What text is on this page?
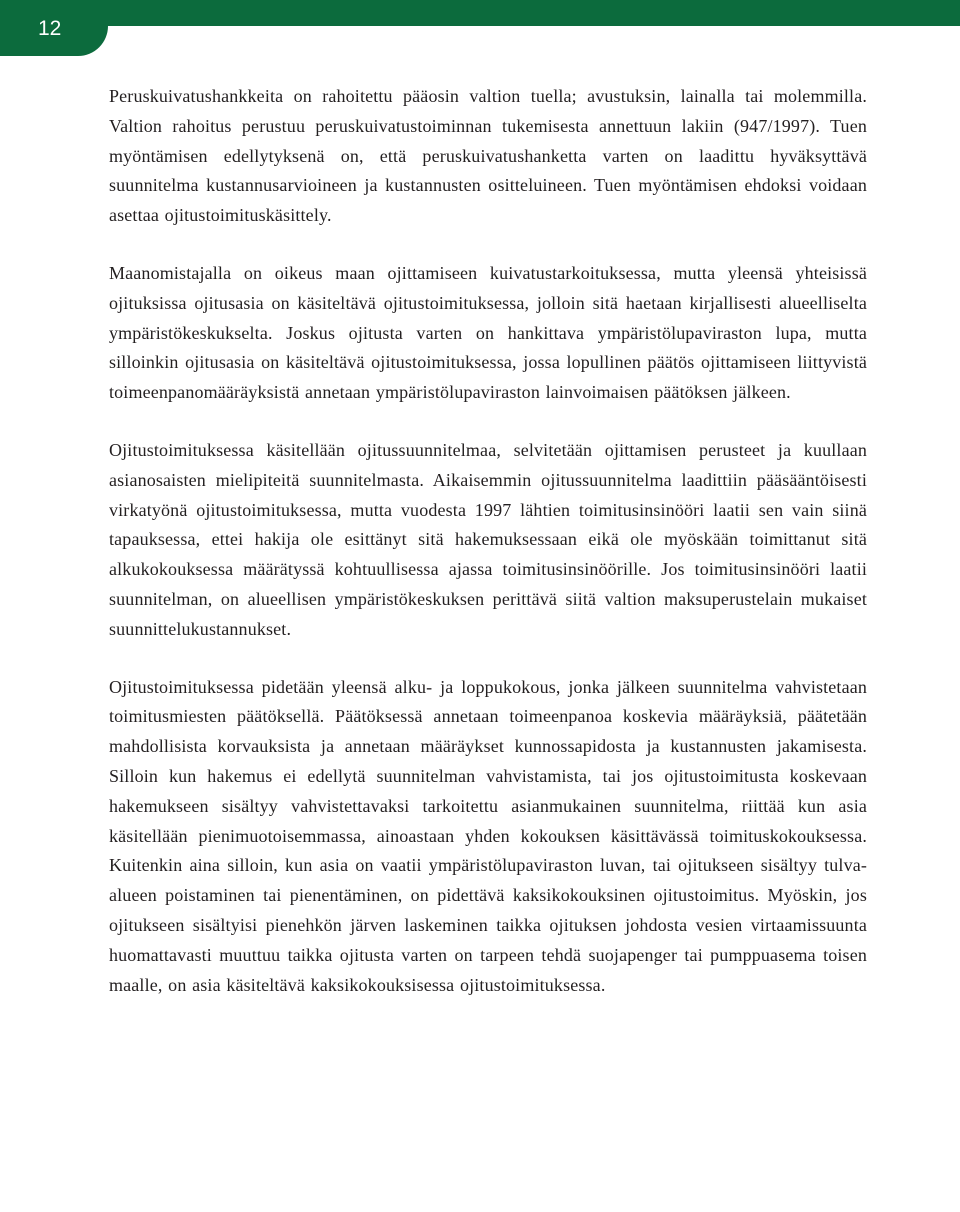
12

Peruskuivatushankkeita on rahoitettu pääosin valtion tuella; avustuksin, lainalla tai molemmilla. Valtion rahoitus perustuu peruskuivatustoiminnan tukemisesta annettuun lakiin (947/1997). Tuen myöntämisen edellytyksenä on, että peruskuivatushanketta varten on laadittu hyväksyttävä suunnitelma kustannusarvioineen ja kustannusten ositteluineen. Tuen myöntämisen ehdoksi voidaan asettaa ojitustoimituskäsittely.

Maanomistajalla on oikeus maan ojittamiseen kuivatustarkoituksessa, mutta yleensä yhteisissä ojituksissa ojitusasia on käsiteltävä ojitustoimituksessa, jolloin sitä haetaan kirjallisesti alueelliselta ympäristökeskukselta. Joskus ojitusta varten on hankittava ympäristölupaviraston lupa, mutta silloinkin ojitusasia on käsiteltävä ojitustoimituksessa, jossa lopullinen päätös ojittamiseen liittyvistä toimeenpanomääräyksistä annetaan ympäristölupaviraston lainvoimaisen päätöksen jälkeen.

Ojitustoimituksessa käsitellään ojitussuunnitelmaa, selvitetään ojittamisen perusteet ja kuullaan asianosaisten mielipiteitä suunnitelmasta. Aikaisemmin ojitussuunnitelma laadittiin pääsääntöisesti virkatyönä ojitustoimituksessa, mutta vuodesta 1997 lähtien toimitusinsinööri laatii sen vain siinä tapauksessa, ettei hakija ole esittänyt sitä hakemuksessaan eikä ole myöskään toimittanut sitä alkukokouksessa määrätyssä kohtuullisessa ajassa toimitusinsinöörille. Jos toimitusinsinööri laatii suunnitelman, on alueellisen ympäristökeskuksen perittävä siitä valtion maksuperustelain mukaiset suunnittelukustannukset.

Ojitustoimituksessa pidetään yleensä alku- ja loppukokous, jonka jälkeen suunnitelma vahvistetaan toimitusmiesten päätöksellä. Päätöksessä annetaan toimeenpanoa koskevia määräyksiä, päätetään mahdollisista korvauksista ja annetaan määräykset kunnossapidosta ja kustannusten jakamisesta. Silloin kun hakemus ei edellytä suunnitelman vahvistamista, tai jos ojitustoimitusta koskevaan hakemukseen sisältyy vahvistettavaksi tarkoitettu asianmukainen suunnitelma, riittää kun asia käsitellään pienimuotoisemmassa, ainoastaan yhden kokouksen käsittävässä toimituskokouksessa. Kuitenkin aina silloin, kun asia on vaatii ympäristölupaviraston luvan, tai ojitukseen sisältyy tulva-alueen poistaminen tai pienentäminen, on pidettävä kaksikokouksinen ojitustoimitus. Myöskin, jos ojitukseen sisältyisi pienehkön järven laskeminen taikka ojituksen johdosta vesien virtaamissuunta huomattavasti muuttuu taikka ojitusta varten on tarpeen tehdä suojapenger tai pumppuasema toisen maalle, on asia käsiteltävä kaksikokouksisessa ojitustoimituksessa.
